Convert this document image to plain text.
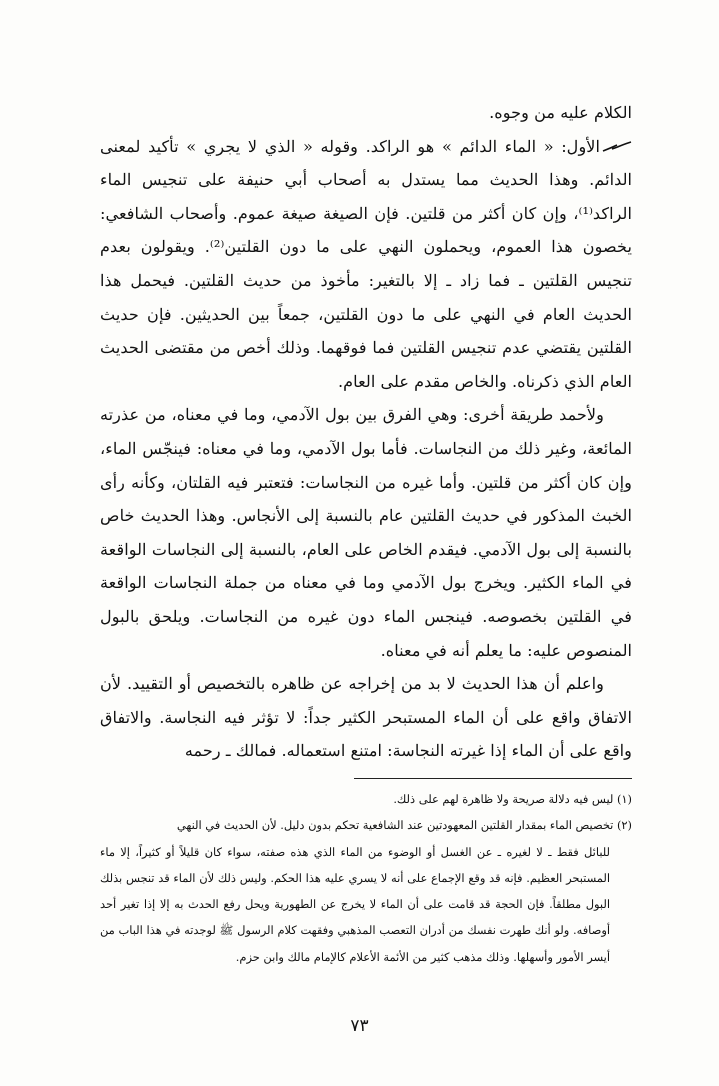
الكلام عليه من وجوه.

الأول: « الماء الدائم » هو الراكد. وقوله « الذي لا يجري » تأكيد لمعنى الدائم. وهذا الحديث مما يستدل به أصحاب أبي حنيفة على تنجيس الماء الراكد⁽¹⁾، وإن كان أكثر من قلتين. فإن الصيغة صيغة عموم. وأصحاب الشافعي: يخصون هذا العموم، ويحملون النهي على ما دون القلتين⁽²⁾. ويقولون بعدم تنجيس القلتين ـ فما زاد ـ إلا بالتغير: مأخوذ من حديث القلتين. فيحمل هذا الحديث العام في النهي على ما دون القلتين، جمعاً بين الحديثين. فإن حديث القلتين يقتضي عدم تنجيس القلتين فما فوقهما. وذلك أخص من مقتضى الحديث العام الذي ذكرناه. والخاص مقدم على العام.

ولأحمد طريقة أخرى: وهي الفرق بين بول الآدمي، وما في معناه، من عذرته المائعة، وغير ذلك من النجاسات. فأما بول الآدمي، وما في معناه: فينجّس الماء، وإن كان أكثر من قلتين. وأما غيره من النجاسات: فتعتبر فيه القلتان، وكأنه رأى الخبث المذكور في حديث القلتين عام بالنسبة إلى الأنجاس. وهذا الحديث خاص بالنسبة إلى بول الآدمي. فيقدم الخاص على العام، بالنسبة إلى النجاسات الواقعة في الماء الكثير. ويخرج بول الآدمي وما في معناه من جملة النجاسات الواقعة في القلتين بخصوصه. فينجس الماء دون غيره من النجاسات. ويلحق بالبول المنصوص عليه: ما يعلم أنه في معناه.

واعلم أن هذا الحديث لا بد من إخراجه عن ظاهره بالتخصيص أو التقييد. لأن الاتفاق واقع على أن الماء المستبحر الكثير جداً: لا تؤثر فيه النجاسة. والاتفاق واقع على أن الماء إذا غيرته النجاسة: امتنع استعماله. فمالك ـ رحمه

(١) ليس فيه دلالة صريحة ولا ظاهرة لهم على ذلك.

(٢) تخصيص الماء بمقدار القلتين المعهودتين عند الشافعية تحكم بدون دليل. لأن الحديث في النهي

للبائل فقط ـ لا لغيره ـ عن الغسل أو الوضوء من الماء الذي هذه صفته، سواء كان قليلاً أو كثيراً، إلا ماء المستبحر العظيم. فإنه قد وقع الإجماع على أنه لا يسري عليه هذا الحكم. وليس ذلك لأن الماء قد تنجس بذلك البول مطلقاً. فإن الحجة قد قامت على أن الماء لا يخرج عن الطهورية ويحل رفع الحدث به إلا إذا تغير أحد أوصافه. ولو أنك طهرت نفسك من أدران التعصب المذهبي وفقهت كلام الرسول ﷺ لوجدته في هذا الباب من أيسر الأمور وأسهلها. وذلك مذهب كثير من الأئمة الأعلام كالإمام مالك وابن حزم.

٧٣
